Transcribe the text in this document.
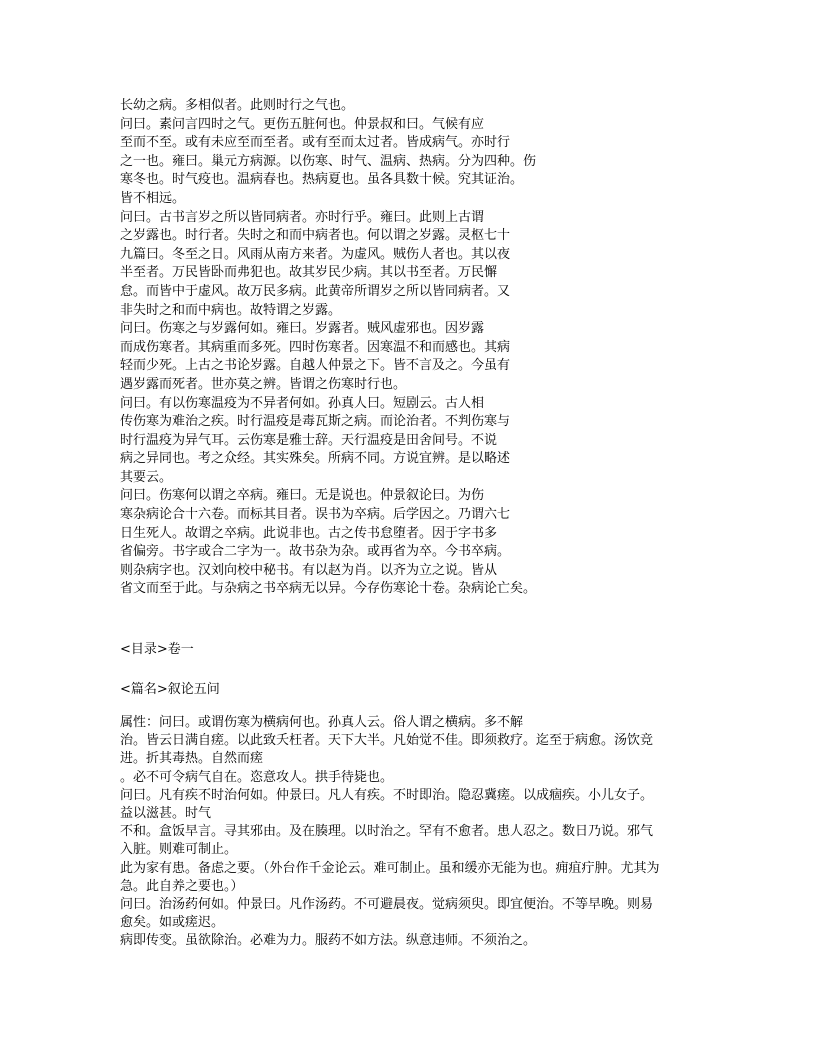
长幼之病。多相似者。此则时行之气也。
问曰。素问言四时之气。更伤五脏何也。仲景叔和曰。气候有应
至而不至。或有未应至而至者。或有至而太过者。皆成病气。亦时行
之一也。雍曰。巢元方病源。以伤寒、时气、温病、热病。分为四种。伤
寒冬也。时气疫也。温病春也。热病夏也。虽各具数十候。究其证治。
皆不相远。
问曰。古书言岁之所以皆同病者。亦时行乎。雍曰。此则上古谓
之岁露也。时行者。失时之和而中病者也。何以谓之岁露。灵枢七十
九篇曰。冬至之日。风雨从南方来者。为虚风。贼伤人者也。其以夜
半至者。万民皆卧而弗犯也。故其岁民少病。其以书至者。万民懈
怠。而皆中于虚风。故万民多病。此黄帝所谓岁之所以皆同病者。又
非失时之和而中病也。故特谓之岁露。
问曰。伤寒之与岁露何如。雍曰。岁露者。贼风虚邪也。因岁露
而成伤寒者。其病重而多死。四时伤寒者。因寒温不和而感也。其病
轻而少死。上古之书论岁露。自越人仲景之下。皆不言及之。今虽有
遇岁露而死者。世亦莫之辨。皆谓之伤寒时行也。
问曰。有以伤寒温疫为不异者何如。孙真人曰。短剧云。古人相
传伤寒为难治之疾。时行温疫是毒瓦斯之病。而论治者。不判伤寒与
时行温疫为异气耳。云伤寒是雅士辞。天行温疫是田舍间号。不说
病之异同也。考之众经。其实殊矣。所病不同。方说宜辨。是以略述
其要云。
问曰。伤寒何以谓之卒病。雍曰。无是说也。仲景叙论曰。为伤
寒杂病论合十六卷。而标其目者。误书为卒病。后学因之。乃谓六七
日生死人。故谓之卒病。此说非也。古之传书怠堕者。因于字书多
省偏旁。书字或合二字为一。故书杂为杂。或再省为卒。今书卒病。
则杂病字也。汉刘向校中秘书。有以赵为肖。以齐为立之说。皆从
省文而至于此。与杂病之书卒病无以异。今存伤寒论十卷。杂病论亡矣。
<目录>卷一
<篇名>叙论五问
属性：问曰。或谓伤寒为横病何也。孙真人云。俗人谓之横病。多不解
治。皆云日满自瘥。以此致夭枉者。天下大半。凡始觉不佳。即须救疗。迄至于病愈。汤饮竞
进。折其毒热。自然而瘥
。必不可令病气自在。恣意攻人。拱手待毙也。
问曰。凡有疾不时治何如。仲景曰。凡人有疾。不时即治。隐忍冀瘥。以成痼疾。小儿女子。
益以滋甚。时气
不和。盒饭早言。寻其邪由。及在腠理。以时治之。罕有不愈者。患人忍之。数日乃说。邪气
入脏。则难可制止。
此为家有患。备虑之要。（外台作千金论云。难可制止。虽和缓亦无能为也。痈疽疔肿。尤其为
急。此自养之要也。）
问曰。治汤药何如。仲景曰。凡作汤药。不可避晨夜。觉病须臾。即宜便治。不等早晚。则易
愈矣。如或瘥迟。
病即传变。虽欲除治。必难为力。服药不如方法。纵意违师。不须治之。
